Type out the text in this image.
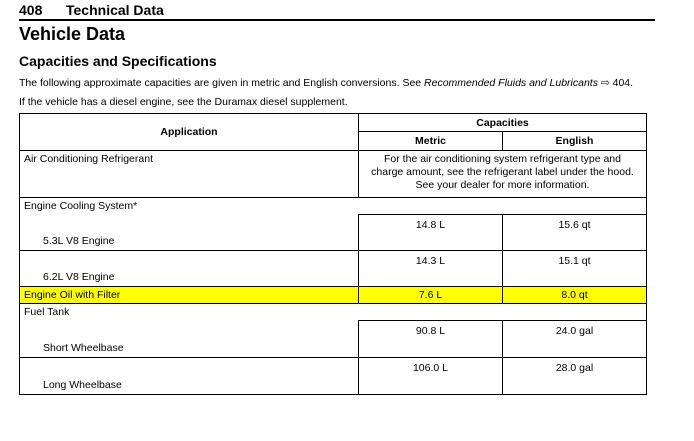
408 Technical Data
Vehicle Data
Capacities and Specifications
The following approximate capacities are given in metric and English conversions. See Recommended Fluids and Lubricants ⇨ 404.
If the vehicle has a diesel engine, see the Duramax diesel supplement.
Application	Capacities	
	Metric	English
Air Conditioning Refrigerant	For the air conditioning system refrigerant type and charge amount, see the refrigerant label under the hood. See your dealer for more information.	
Engine Cooling System*		
5.3L V8 Engine	14.8 L	15.6 qt
6.2L V8 Engine	14.3 L	15.1 qt
Engine Oil with Filter	7.6 L	8.0 qt
Fuel Tank		
Short Wheelbase	90.8 L	24.0 gal
Long Wheelbase	106.0 L	28.0 gal
